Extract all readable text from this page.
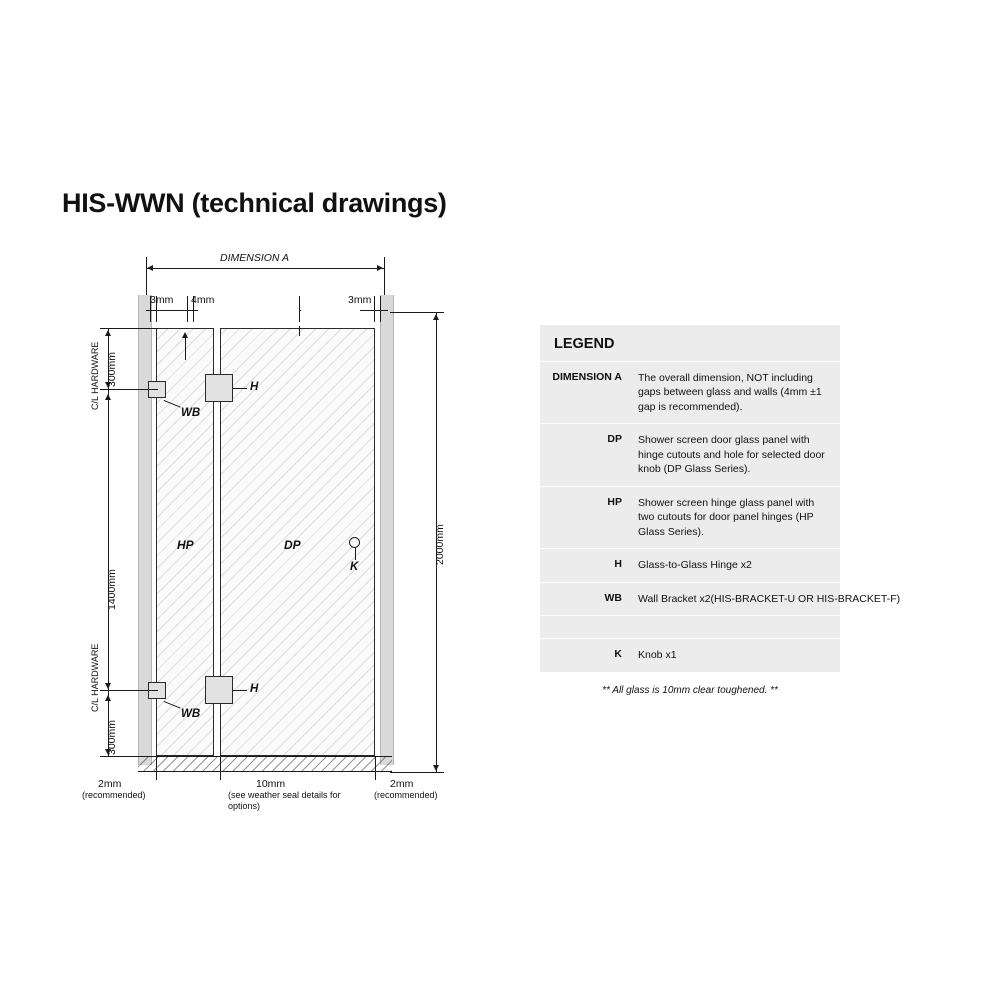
HIS-WWN (technical drawings)
DIMENSION A
3mm 4mm	3mm
HP	DP
H
WB
H
WB
K
300mm
1400mm
300mm
C/L HARDWARE
C/L HARDWARE
2000mm
2mm
(recommended)
10mm
(see weather seal details for options)
2mm
(recommended)
LEGEND
DIMENSION A	The overall dimension, NOT including gaps between glass and walls (4mm ±1 gap is recommended).
DP	Shower screen door glass panel with hinge cutouts and hole for selected door knob (DP Glass Series).
HP	Shower screen hinge glass panel with two cutouts for door panel hinges (HP Glass Series).
H	Glass-to-Glass Hinge x2
WB	Wall Bracket x2(HIS-BRACKET-U OR HIS-BRACKET-F)
K	Knob x1
** All glass is 10mm clear toughened. **
